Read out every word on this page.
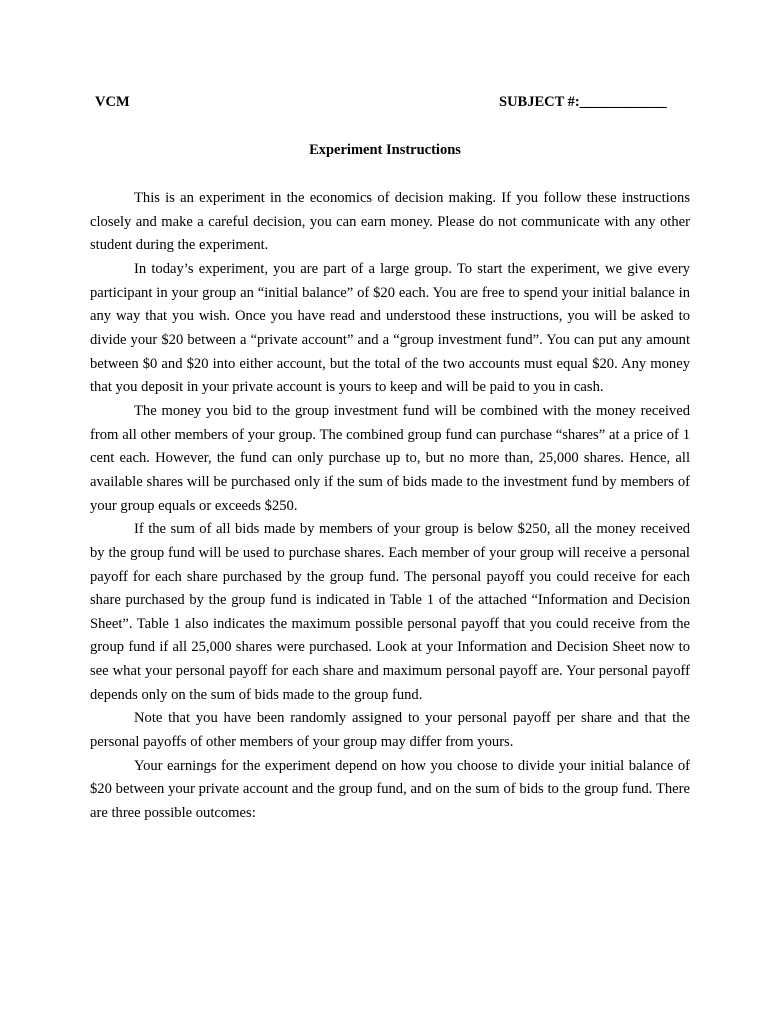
VCM	SUBJECT #:____________
Experiment Instructions

This is an experiment in the economics of decision making. If you follow these instructions closely and make a careful decision, you can earn money. Please do not communicate with any other student during the experiment.

In today’s experiment, you are part of a large group. To start the experiment, we give every participant in your group an “initial balance” of $20 each. You are free to spend your initial balance in any way that you wish. Once you have read and understood these instructions, you will be asked to divide your $20 between a “private account” and a “group investment fund”. You can put any amount between $0 and $20 into either account, but the total of the two accounts must equal $20. Any money that you deposit in your private account is yours to keep and will be paid to you in cash.

The money you bid to the group investment fund will be combined with the money received from all other members of your group. The combined group fund can purchase “shares” at a price of 1 cent each. However, the fund can only purchase up to, but no more than, 25,000 shares. Hence, all available shares will be purchased only if the sum of bids made to the investment fund by members of your group equals or exceeds $250.

If the sum of all bids made by members of your group is below $250, all the money received by the group fund will be used to purchase shares. Each member of your group will receive a personal payoff for each share purchased by the group fund. The personal payoff you could receive for each share purchased by the group fund is indicated in Table 1 of the attached “Information and Decision Sheet”. Table 1 also indicates the maximum possible personal payoff that you could receive from the group fund if all 25,000 shares were purchased. Look at your Information and Decision Sheet now to see what your personal payoff for each share and maximum personal payoff are. Your personal payoff depends only on the sum of bids made to the group fund.

Note that you have been randomly assigned to your personal payoff per share and that the personal payoffs of other members of your group may differ from yours.

Your earnings for the experiment depend on how you choose to divide your initial balance of $20 between your private account and the group fund, and on the sum of bids to the group fund. There are three possible outcomes:
